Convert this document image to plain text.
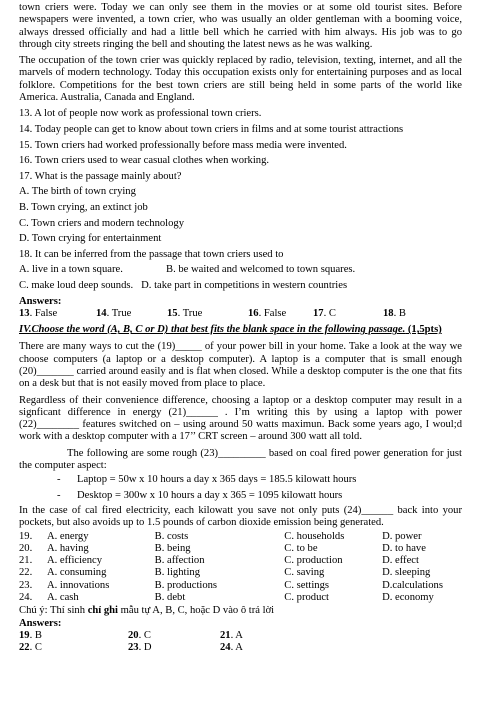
town criers were. Today we can only see them in the movies or at some old tourist sites. Before newspapers were invented, a town crier, who was usually an older gentleman with a booming voice, always dressed officially and had a little bell which he carried with him always. His job was to go through city streets ringing the bell and shouting the latest news as he was walking.

The occupation of the town crier was quickly replaced by radio, television, texting, internet, and all the marvels of modern technology. Today this occupation exists only for entertaining purposes and as local folklore. Competitions for the best town criers are still being held in some parts of the world like America. Australia, Canada and England.

13. A lot of people now work as professional town criers.

14. Today people can get to know about town criers in films and at some tourist attractions

15. Town criers had worked professionally before mass media were invented.

16. Town criers used to wear casual clothes when working.

17. What is the passage mainly about?

A. The birth of town crying

B. Town crying, an extinct job

C. Town criers and modern technology

D. Town crying for entertainment

18. It can be inferred from the passage that town criers used to

A. live in a town square.	B. be waited and welcomed to town squares.
C. make loud deep sounds. D. take part in competitions in western countries

Answers:

13. False	14. True	15. True	16. False	17. C	18. B

IV.Choose the word (A, B, C or D) that best fits the blank space in the following passage. (1,5pts)

There are many ways to cut the (19)_____ of your power bill in your home. Take a look at the way we choose computers (a laptop or a desktop computer). A laptop is a computer that is small enough (20)_______ carried around easily and is flat when closed. While a desktop computer is the one that fits on a desk but that is not easily moved from place to place.

Regardless of their convenience difference, choosing a laptop or a desktop computer may result in a signficant difference in energy (21)______ . I’m writing this by using a laptop with power (22)________ features switched on – using around 50 watts maximun. Back some years ago, I woul;d work with a desktop computer with a 17’’ CRT screen – around 300 watt all told.

The following are some rough (23)_________ based on coal fired power generation for just the computer aspect:

-	Laptop = 50w x 10 hours a day x 365 days = 185.5 kilowatt hours
-	Desktop = 300w x 10 hours a day x 365 = 1095 kilowatt hours

In the case of cal fired electricity, each kilowatt you save not only puts (24)______ back into your pockets, but also avoids up to 1.5 pounds of carbon dioxide emission being generated.

19.	A. energy	B. costs	C. households	D. power
20.	A. having	B. being	C. to be	D. to have
21.	A. efficiency	B. affection	C. production	D. effect
22.	A. consuming	B. lighting	C. saving	D. sleeping
23.	A. innovations	B. productions	C. settings	D.calculations
24.	A. cash	B. debt	C. product	D. economy

Chú ý: Thí sinh chỉ ghi mẫu tự A, B, C, hoặc D vào ô trả lời

Answers:

19. B	20. C	21. A
22. C	23. D	24. A
